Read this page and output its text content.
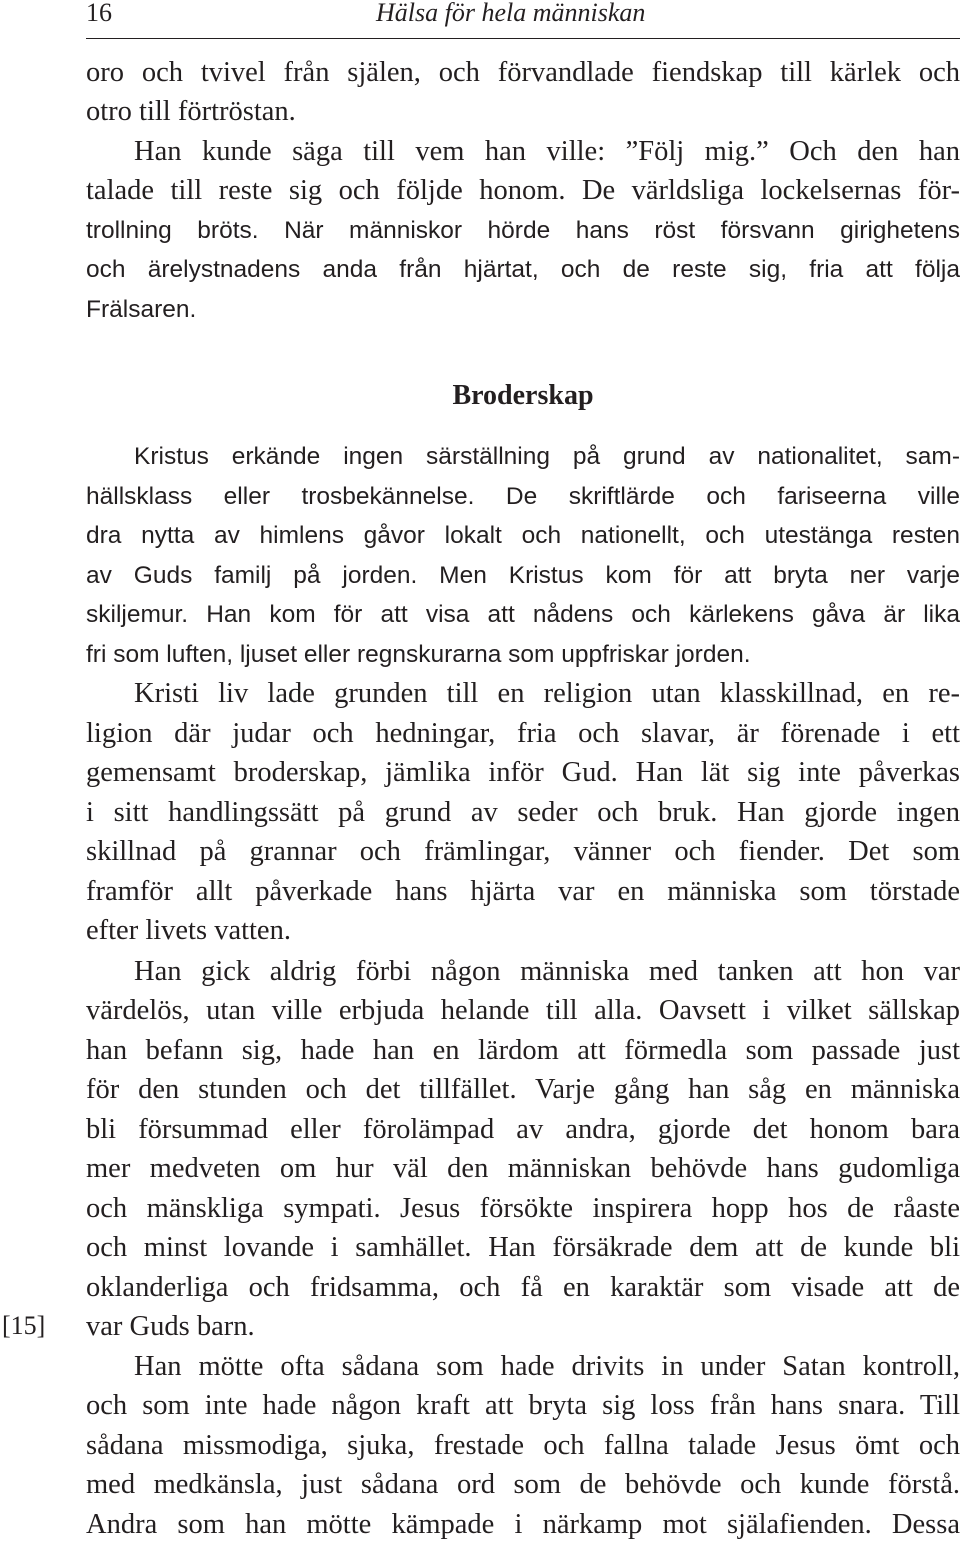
16	Hälsa för hela människan
[15]
oro och tvivel från själen, och förvandlade fiendskap till kärlek och
otro till förtröstan.
Han kunde säga till vem han ville: ”Följ mig.” Och den han
talade till reste sig och följde honom. De världsliga lockelsernas för-
trollning bröts. När människor hörde hans röst försvann girighetens
och ärelystnadens anda från hjärtat, och de reste sig, fria att följa
Frälsaren.
Broderskap
Kristus erkände ingen särställning på grund av nationalitet, sam-
hällsklass eller trosbekännelse. De skriftlärde och fariseerna ville
dra nytta av himlens gåvor lokalt och nationellt, och utestänga resten
av Guds familj på jorden. Men Kristus kom för att bryta ner varje
skiljemur. Han kom för att visa att nådens och kärlekens gåva är lika
fri som luften, ljuset eller regnskurarna som uppfriskar jorden.
Kristi liv lade grunden till en religion utan klasskillnad, en re-
ligion där judar och hedningar, fria och slavar, är förenade i ett
gemensamt broderskap, jämlika inför Gud. Han lät sig inte påverkas
i sitt handlingssätt på grund av seder och bruk. Han gjorde ingen
skillnad på grannar och främlingar, vänner och fiender. Det som
framför allt påverkade hans hjärta var en människa som törstade
efter livets vatten.
Han gick aldrig förbi någon människa med tanken att hon var
värdelös, utan ville erbjuda helande till alla. Oavsett i vilket sällskap
han befann sig, hade han en lärdom att förmedla som passade just
för den stunden och det tillfället. Varje gång han såg en människa
bli försummad eller förolämpad av andra, gjorde det honom bara
mer medveten om hur väl den människan behövde hans gudomliga
och mänskliga sympati. Jesus försökte inspirera hopp hos de råaste
och minst lovande i samhället. Han försäkrade dem att de kunde bli
oklanderliga och fridsamma, och få en karaktär som visade att de
var Guds barn.
Han mötte ofta sådana som hade drivits in under Satan kontroll,
och som inte hade någon kraft att bryta sig loss från hans snara. Till
sådana missmodiga, sjuka, frestade och fallna talade Jesus ömt och
med medkänsla, just sådana ord som de behövde och kunde förstå.
Andra som han mötte kämpade i närkamp mot själafienden. Dessa
